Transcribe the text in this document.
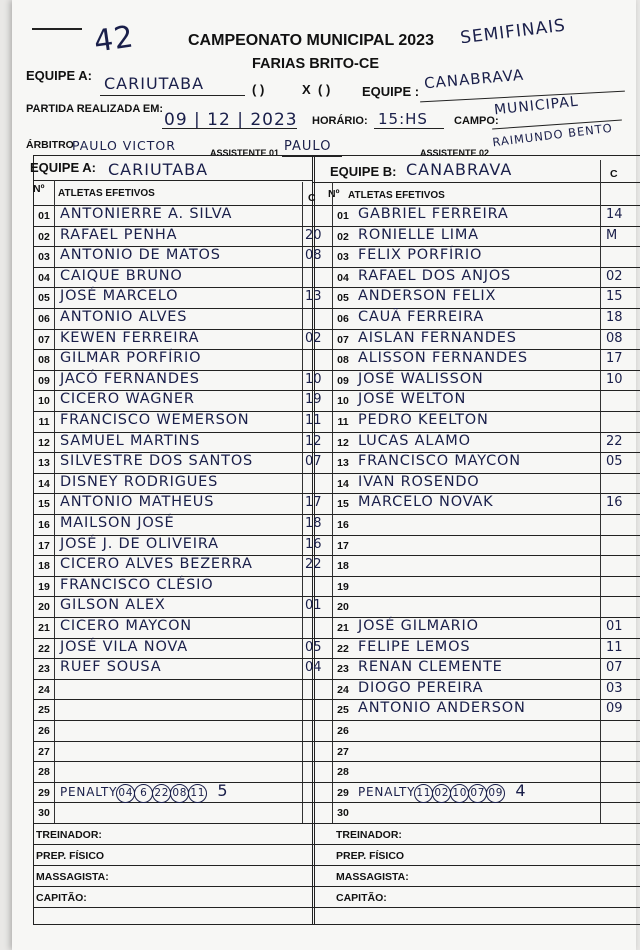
42	CAMPEONATO MUNICIPAL 2023 SEMIFINAIS
FARIAS BRITO-CE
EQUIPE A: CARIUTABA	( )	X ( ) EQUIPE : CANABRAVA
PARTIDA REALIZADA EM:
09 | 12 | 2023 HORÁRIO: 15:HS CAMPO:
MUNICIPAL
ÁRBITRO
PAULO VICTOR	ASSISTENTE 01 PAULO	ASSISTENTE 02
RAIMUNDO BENTO
EQUIPE A: CARIUTABA	EQUIPE B: CANABRAVA
Nº ATLETAS EFETIVOS	C Nº ATLETAS EFETIVOS
C
01 ANTONIERRE A. SILVA
02 RAFAEL PENHA	20
03 ANTONIO DE MATOS	08
04 CAIQUE BRUNO
05 JOSÉ MARCELO	13
06 ANTONIO ALVES
07 KEWEN FERREIRA	02
08 GILMAR PORFÍRIO
09 JACÓ FERNANDES	10
10 CICERO WAGNER	19
11 FRANCISCO WEMERSON	11
12 SAMUEL MARTINS	12
13 SILVESTRE DOS SANTOS	07
14 DISNEY RODRIGUES
15 ANTONIO MATHEUS	17
16 MAILSON JOSÉ	18
17 JOSÉ J. DE OLIVEIRA	16
18 CICERO ALVES BEZERRA	22
19 FRANCISCO CLÉSIO
20 GILSON ALEX	01
21 CICERO MAYCON
22 JOSÉ VILA NOVA	05
23 RUEF SOUSA	04
24
25
26
27
28
29 PENALTY04 6 22 08 11 5
30
TREINADOR:
PREP. FÍSICO
MASSAGISTA:
CAPITÃO:
01 GABRIEL FERREIRA	14
02 RONIELLE LIMA	M
03 FELIX PORFÍRIO
04 RAFAEL DOS ANJOS	02
05 ANDERSON FELIX	15
06 CAUÃ FERREIRA	18
07 AISLAN FERNANDES	08
08 ALISSON FERNANDES	17
09 JOSÉ WALISSON	10
10 JOSÉ WELTON
11 PEDRO KEELTON
12 LUCAS ALAMO	22
13 FRANCISCO MAYCON	05
14 IVAN ROSENDO
15 MARCELO NOVAK	16
16
17
18
19
20
21 JOSÉ GILMARIO	01
22 FELIPE LEMOS	11
23 RENAN CLEMENTE	07
24 DIOGO PEREIRA	03
25 ANTONIO ANDERSON	09
26
27
28
29 PENALTY11 02 10 07 09 4
30
TREINADOR:
PREP. FÍSICO
MASSAGISTA:
CAPITÃO:
